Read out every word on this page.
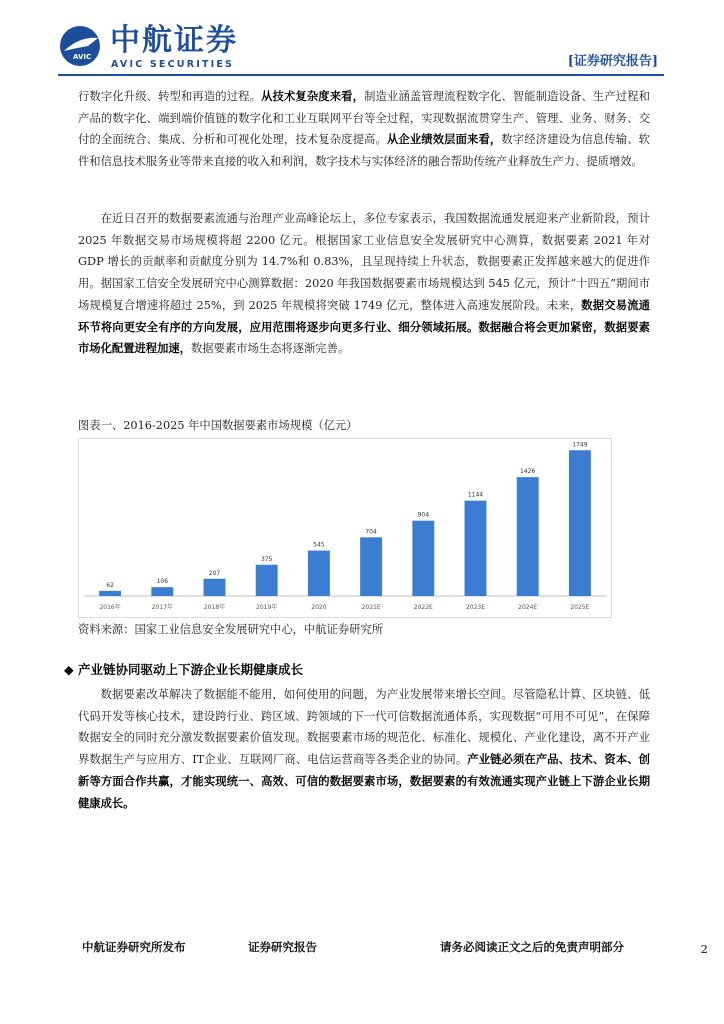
AVIC 中航证券
AVIC SECURITIES	[证券研究报告]

行数字化升级、转型和再造的过程。从技术复杂度来看，制造业涵盖管理流程数字化、智能制造设备、生产过程和产品的数字化、端到端价值链的数字化和工业互联网平台等全过程，实现数据流贯穿生产、管理、业务、财务、交付的全面统合、集成、分析和可视化处理，技术复杂度提高。从企业绩效层面来看，数字经济建设为信息传输、软件和信息技术服务业等带来直接的收入和利润，数字技术与实体经济的融合帮助传统产业释放生产力、提质增效。

在近日召开的数据要素流通与治理产业高峰论坛上，多位专家表示，我国数据流通发展迎来产业新阶段，预计 2025 年数据交易市场规模将超 2200 亿元。根据国家工业信息安全发展研究中心测算，数据要素 2021 年对 GDP 增长的贡献率和贡献度分别为 14.7%和 0.83%，且呈现持续上升状态，数据要素正发挥越来越大的促进作用。据国家工信安全发展研究中心测算数据：2020 年我国数据要素市场规模达到 545 亿元，预计“十四五”期间市场规模复合增速将超过 25%，到 2025 年规模将突破 1749 亿元，整体进入高速发展阶段。未来，数据交易流通环节将向更安全有序的方向发展，应用范围将逐步向更多行业、细分领域拓展。数据融合将会更加紧密，数据要素市场化配置进程加速，数据要素市场生态将逐渐完善。

图表一、2016-2025 年中国数据要素市场规模（亿元）
62
2016年
106
2017年
207
2018年
375
2019年
545
2020
704
2021E
904
2022E
1144
2023E
1426
2024E
1749
2025E
资料来源：国家工业信息安全发展研究中心，中航证券研究所
◆ 产业链协同驱动上下游企业长期健康成长

数据要素改革解决了数据能不能用，如何使用的问题，为产业发展带来增长空间。尽管隐私计算、区块链、低代码开发等核心技术，建设跨行业、跨区域、跨领域的下一代可信数据流通体系，实现数据“可用不可见”，在保障数据安全的同时充分激发数据要素价值发现。数据要素市场的规范化、标准化、规模化、产业化建设，离不开产业界数据生产与应用方、IT企业、互联网厂商、电信运营商等各类企业的协同。产业链必须在产品、技术、资本、创新等方面合作共赢，才能实现统一、高效、可信的数据要素市场，数据要素的有效流通实现产业链上下游企业长期健康成长。

中航证券研究所发布	证券研究报告	请务必阅读正文之后的免责声明部分	2
